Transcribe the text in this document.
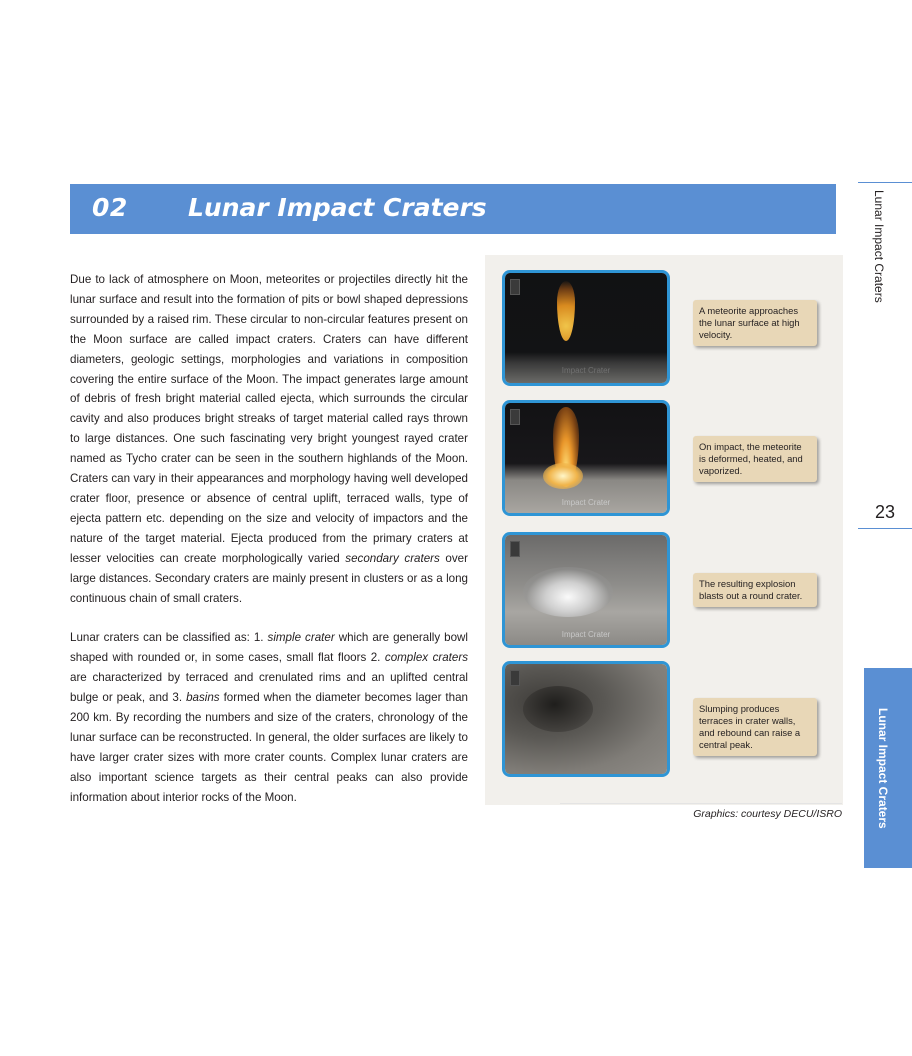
02 Lunar Impact Craters	Lunar Impact Craters
23
Lunar Impact Craters

Due to lack of atmosphere on Moon, meteorites or projectiles directly hit the lunar surface and result into the formation of pits or bowl shaped depressions surrounded by a raised rim. These circular to non-circular features present on the Moon surface are called impact craters. Craters can have different diameters, geologic settings, morphologies and variations in composition covering the entire surface of the Moon. The impact generates large amount of debris of fresh bright material called ejecta, which surrounds the circular cavity and also produces bright streaks of target material called rays thrown to large distances. One such fascinating very bright youngest rayed crater named as Tycho crater can be seen in the southern highlands of the Moon. Craters can vary in their appearances and morphology having well developed crater floor, presence or absence of central uplift, terraced walls, type of ejecta pattern etc. depending on the size and velocity of impactors and the nature of the target material. Ejecta produced from the primary craters at lesser velocities can create morphologically varied secondary craters over large distances. Secondary craters are mainly present in clusters or as a long continuous chain of small craters.

Lunar craters can be classified as: 1. simple crater which are generally bowl shaped with rounded or, in some cases, small flat floors 2. complex craters are characterized by terraced and crenulated rims and an uplifted central bulge or peak, and 3. basins formed when the diameter becomes lager than 200 km. By recording the numbers and size of the craters, chronology of the lunar surface can be reconstructed. In general, the older surfaces are likely to have larger crater sizes with more crater counts. Complex lunar craters are also important science targets as their central peaks can also provide information about interior rocks of the Moon.

Impact Crater
Impact Crater
Impact Crater
A meteorite approaches the lunar surface at high velocity.
On impact, the meteorite is deformed, heated, and vaporized.
The resulting explosion blasts out a round crater.
Slumping produces terraces in crater walls, and rebound can raise a central peak.
Graphics: courtesy DECU/ISRO
